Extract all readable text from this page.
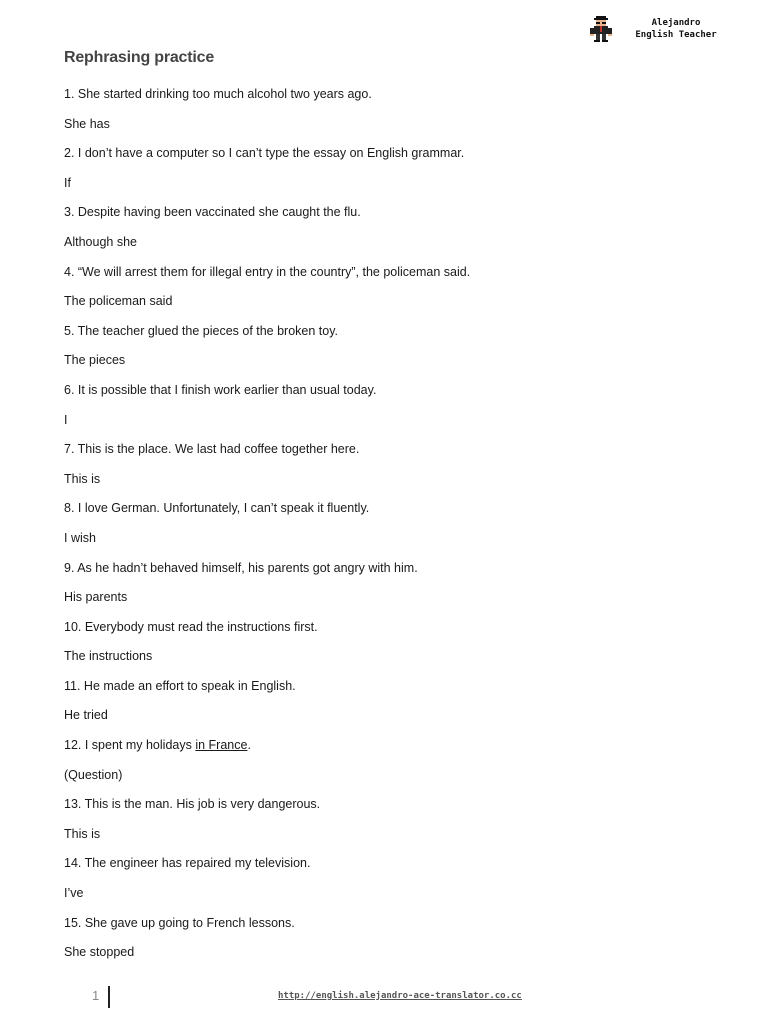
Alejandro
English Teacher
Rephrasing practice
1. She started drinking too much alcohol two years ago.
She has
2. I don’t have a computer so I can’t type the essay on English grammar.
If
3. Despite having been vaccinated she caught the flu.
Although she
4. “We will arrest them for illegal entry in the country”, the policeman said.
The policeman said
5. The teacher glued the pieces of the broken toy.
The pieces
6. It is possible that I finish work earlier than usual today.
I
7. This is the place. We last had coffee together here.
This is
8. I love German. Unfortunately, I can’t speak it fluently.
I wish
9. As he hadn’t behaved himself, his parents got angry with him.
His parents
10. Everybody must read the instructions first.
The instructions
11. He made an effort to speak in English.
He tried
12. I spent my holidays in France.
(Question)
13. This is the man. His job is very dangerous.
This is
14. The engineer has repaired my television.
I’ve
15. She gave up going to French lessons.
She stopped
1	http://english.alejandro-ace-translator.co.cc
